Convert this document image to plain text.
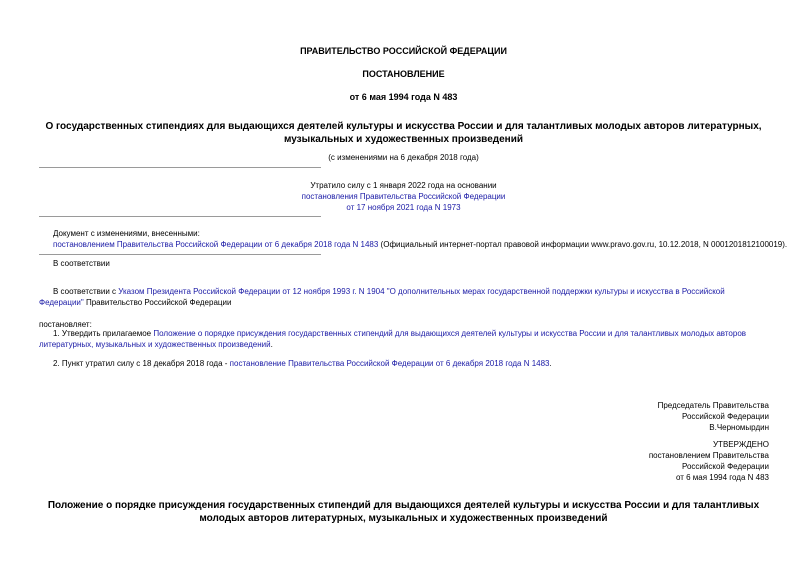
ПРАВИТЕЛЬСТВО РОССИЙСКОЙ ФЕДЕРАЦИИ

ПОСТАНОВЛЕНИЕ

от 6 мая 1994 года N 483

О государственных стипендиях для выдающихся деятелей культуры и искусства России и для талантливых молодых авторов литературных, музыкальных и художественных произведений

(с изменениями на 6 декабря 2018 года)

Утратило силу с 1 января 2022 года на основании

постановления Правительства Российской Федерации

от 17 ноября 2021 года N 1973

Документ с изменениями, внесенными:

постановлением Правительства Российской Федерации от 6 декабря 2018 года N 1483 (Официальный интернет-портал правовой информации www.pravo.gov.ru, 10.12.2018, N 0001201812100019).

В соответствии

В соответствии с Указом Президента Российской Федерации от 12 ноября 1993 г. N 1904 "О дополнительных мерах государственной поддержки культуры и искусства в Российской Федерации" Правительство Российской Федерации

постановляет:

1. Утвердить прилагаемое Положение о порядке присуждения государственных стипендий для выдающихся деятелей культуры и искусства России и для талантливых молодых авторов литературных, музыкальных и художественных произведений.

2. Пункт утратил силу с 18 декабря 2018 года - постановление Правительства Российской Федерации от 6 декабря 2018 года N 1483.

Председатель Правительства
Российской Федерации
В.Черномырдин
УТВЕРЖДЕНО
постановлением Правительства
Российской Федерации
от 6 мая 1994 года N 483

Положение о порядке присуждения государственных стипендий для выдающихся деятелей культуры и искусства России и для талантливых молодых авторов литературных, музыкальных и художественных произведений
